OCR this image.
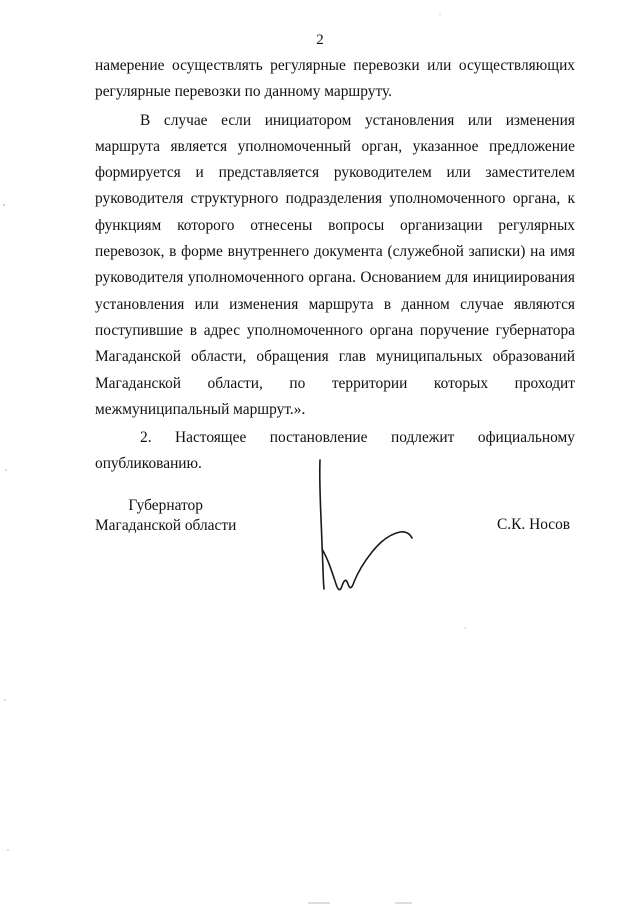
2

намерение осуществлять регулярные перевозки или осуществляющих регулярные перевозки по данному маршруту.

В случае если инициатором установления или изменения маршрута является уполномоченный орган, указанное предложение формируется и представляется руководителем или заместителем руководителя структурного подразделения уполномоченного органа, к функциям которого отнесены вопросы организации регулярных перевозок, в форме внутреннего документа (служебной записки) на имя руководителя уполномоченного органа. Основанием для инициирования установления или изменения маршрута в данном случае являются поступившие в адрес уполномоченного органа поручение губернатора Магаданской области, обращения глав муниципальных образований Магаданской области, по территории которых проходит межмуниципальный маршрут.».

2. Настоящее постановление подлежит официальному опубликованию.

Губернатор
Магаданской области	С.К. Носов
